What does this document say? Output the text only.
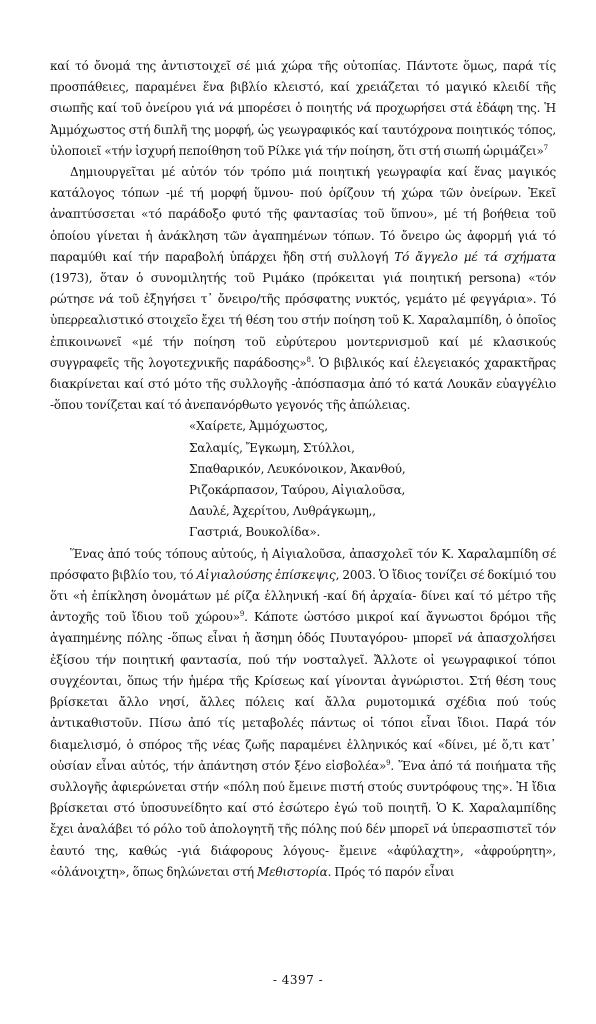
καί τό ὄνομά της ἀντιστοιχεῖ σέ μιά χώρα τῆς οὐτοπίας. Πάντοτε ὅμως, παρά τίς προσπάθειες, παραμένει ἕνα βιβλίο κλειστό, καί χρειάζεται τό μαγικό κλειδί τῆς σιωπῆς καί τοῦ ὀνείρου γιά νά μπορέσει ὁ ποιητής νά προχωρήσει στά ἐδάφη της. Ἡ Ἀμμόχωστος στή διπλῆ της μορφή, ὡς γεωγραφικός καί ταυτόχρονα ποιητικός τόπος, ὑλοποιεῖ «τήν ἰσχυρή πεποίθηση τοῦ Ρίλκε γιά τήν ποίηση, ὅτι στή σιωπή ὡριμάζει»$^7$

Δημιουργεῖται μέ αὐτόν τόν τρόπο μιά ποιητική γεωγραφία καί ἕνας μαγικός κατάλογος τόπων -μέ τή μορφή ὕμνου- πού ὁρίζουν τή χώρα τῶν ὀνείρων. Ἐκεῖ ἀναπτύσσεται «τό παράδοξο φυτό τῆς φαντασίας τοῦ ὕπνου», μέ τή βοήθεια τοῦ ὁποίου γίνεται ἡ ἀνάκληση τῶν ἀγαπημένων τόπων. Τό ὄνειρο ὡς ἀφορμή γιά τό παραμύθι καί τήν παραβολή ὑπάρχει ἤδη στή συλλογή Τό ἄγγελο μέ τά σχήματα (1973), ὅταν ὁ συνομιλητής τοῦ Ριμάκο (πρόκειται γιά ποιητική persona) «τόν ρώτησε νά τοῦ ἐξηγήσει τ᾽ ὄνειρο/τῆς πρόσφατης νυκτός, γεμάτο μέ φεγγάρια». Τό ὑπερρεαλιστικό στοιχεῖο ἔχει τή θέση του στήν ποίηση τοῦ Κ. Χαραλαμπίδη, ὁ ὁποῖος ἐπικοινωνεῖ «μέ τήν ποίηση τοῦ εὐρύτερου μοντερνισμοῦ καί μέ κλασικούς συγγραφεῖς τῆς λογοτεχνικῆς παράδοσης»$^8$. Ὁ βιβλικός καί ἐλεγειακός χαρακτῆρας διακρίνεται καί στό μότο τῆς συλλογῆς -ἀπόσπασμα ἀπό τό κατά Λουκᾶν εὐαγγέλιο -ὅπου τονίζεται καί τό ἀνεπανόρθωτο γεγονός τῆς ἀπώλειας.

«Χαίρετε, Ἀμμόχωστος,
Σαλαμίς, Ἔγκωμη, Στύλλοι,
Σπαθαρικόν, Λευκόνοικον, Ἀκανθού,
Ριζοκάρπασον, Ταύρου, Αἰγιαλοῦσα,
Δαυλέ, Ἀχερίτου, Λυθράγκωμη,,
Γαστριά, Βουκολίδα».

Ἕνας ἀπό τούς τόπους αὐτούς, ἡ Αἰγιαλοῦσα, ἀπασχολεῖ τόν Κ. Χαραλαμπίδη σέ πρόσφατο βιβλίο του, τό Αἰγιαλούσης ἐπίσκεψις, 2003. Ὁ ἴδιος τονίζει σέ δοκίμιό του ὅτι «ἡ ἐπίκληση ὀνομάτων μέ ρίζα ἑλληνική -καί δή ἀρχαία- δίνει καί τό μέτρο τῆς ἀντοχῆς τοῦ ἴδιου τοῦ χώρου»$^9$. Κάποτε ὡστόσο μικροί καί ἄγνωστοι δρόμοι τῆς ἀγαπημένης πόλης -ὅπως εἶναι ἡ ἄσημη ὁδός Πυυταγόρου- μπορεῖ νά ἀπασχολήσει ἐξίσου τήν ποιητική φαντασία, πού τήν νοσταλγεῖ. Ἄλλοτε οἱ γεωγραφικοί τόποι συγχέονται, ὅπως τήν ἡμέρα τῆς Κρίσεως καί γίνονται ἀγνώριστοι. Στή θέση τους βρίσκεται ἄλλο νησί, ἄλλες πόλεις καί ἄλλα ρυμοτομικά σχέδια πού τούς ἀντικαθιστοῦν. Πίσω ἀπό τίς μεταβολές πάντως οἱ τόποι εἶναι ἴδιοι. Παρά τόν διαμελισμό, ὁ σπόρος τῆς νέας ζωῆς παραμένει ἑλληνικός καί «δίνει, μέ ὅ,τι κατ᾽ οὐσίαν εἶναι αὐτός, τήν ἀπάντηση στόν ξένο εἰσβολέα»$^9$. Ἕνα ἀπό τά ποιήματα τῆς συλλογῆς ἀφιερώνεται στήν «πόλη πού ἔμεινε πιστή στούς συντρόφους της». Ἡ ἴδια βρίσκεται στό ὑποσυνείδητο καί στό ἐσώτερο ἐγώ τοῦ ποιητῆ. Ὁ Κ. Χαραλαμπίδης ἔχει ἀναλάβει τό ρόλο τοῦ ἀπολογητῆ τῆς πόλης πού δέν μπορεῖ νά ὑπερασπιστεῖ τόν ἑαυτό της, καθώς -γιά διάφορους λόγους- ἔμεινε «ἀφύλαχτη», «ἀφρούρητη», «ὀλάνοιχτη», ὅπως δηλώνεται στή Μεθιστορία. Πρός τό παρόν εἶναι

- 4397 -
